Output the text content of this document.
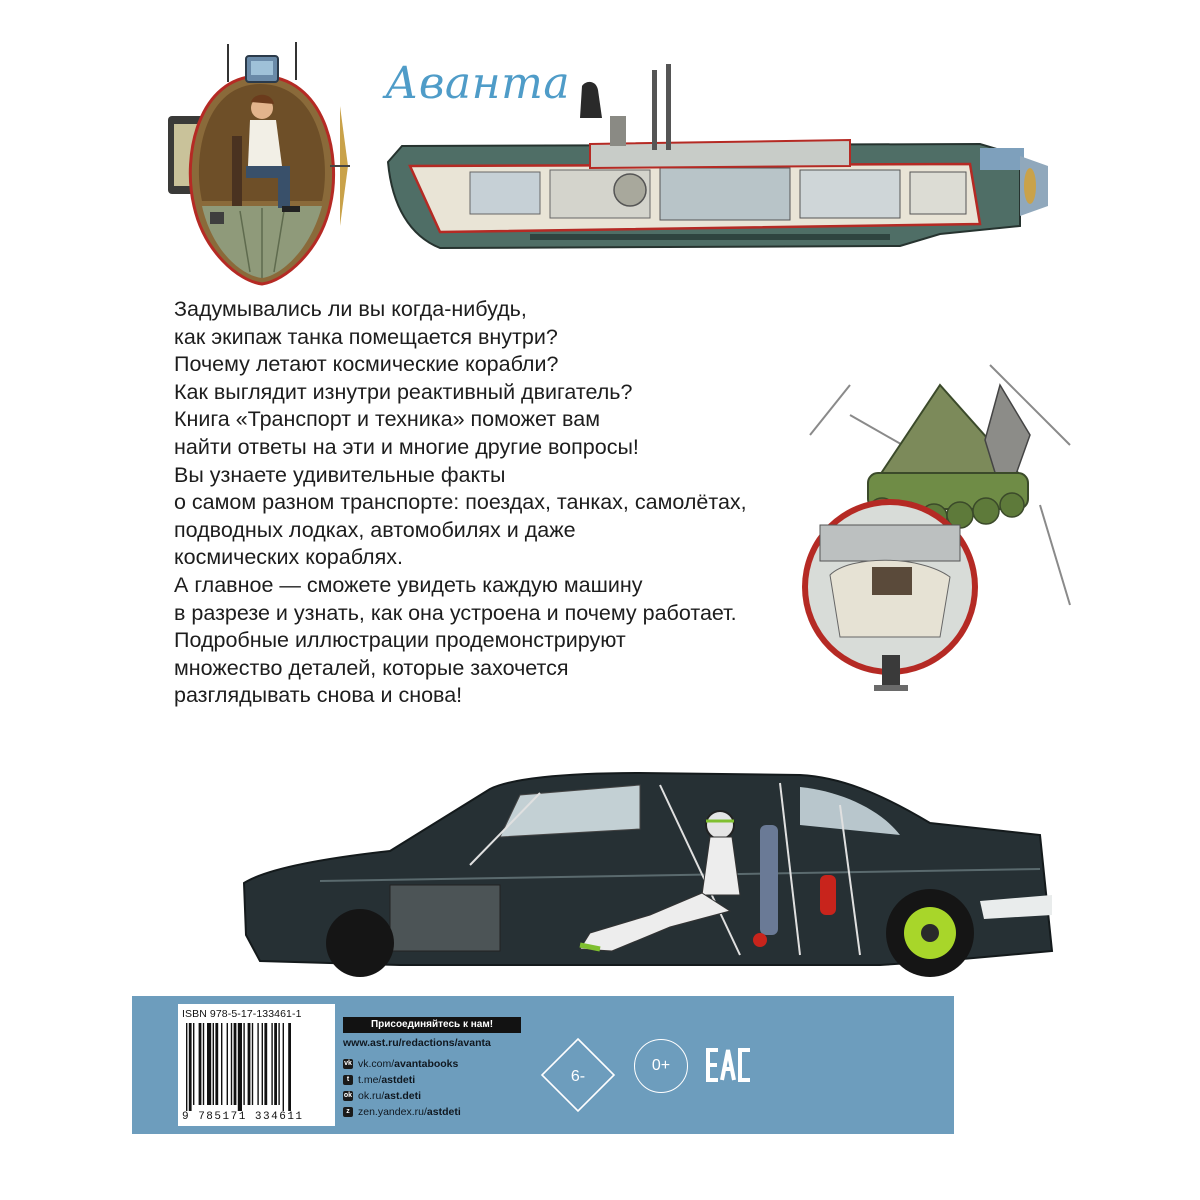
Аванта
Задумывались ли вы когда-нибудь,
как экипаж танка помещается внутри?
Почему летают космические корабли?
Как выглядит изнутри реактивный двигатель?
Книга «Транспорт и техника» поможет вам
найти ответы на эти и многие другие вопросы!
Вы узнаете удивительные факты
о самом разном транспорте: поездах, танках, самолётах,
подводных лодках, автомобилях и даже
космических кораблях.
А главное — сможете увидеть каждую машину
в разрезе и узнать, как она устроена и почему работает.
Подробные иллюстрации продемонстрируют
множество деталей, которые захочется
разглядывать снова и снова!
ISBN 978-5-17-133461-1
9 785171 334611
Присоединяйтесь к нам!
www.ast.ru/redactions/avanta
vk vk.com/ avantabooks
t t.me/ astdeti
ok ok.ru/ ast.deti
z zen.yandex.ru/ astdeti
6-
0+
